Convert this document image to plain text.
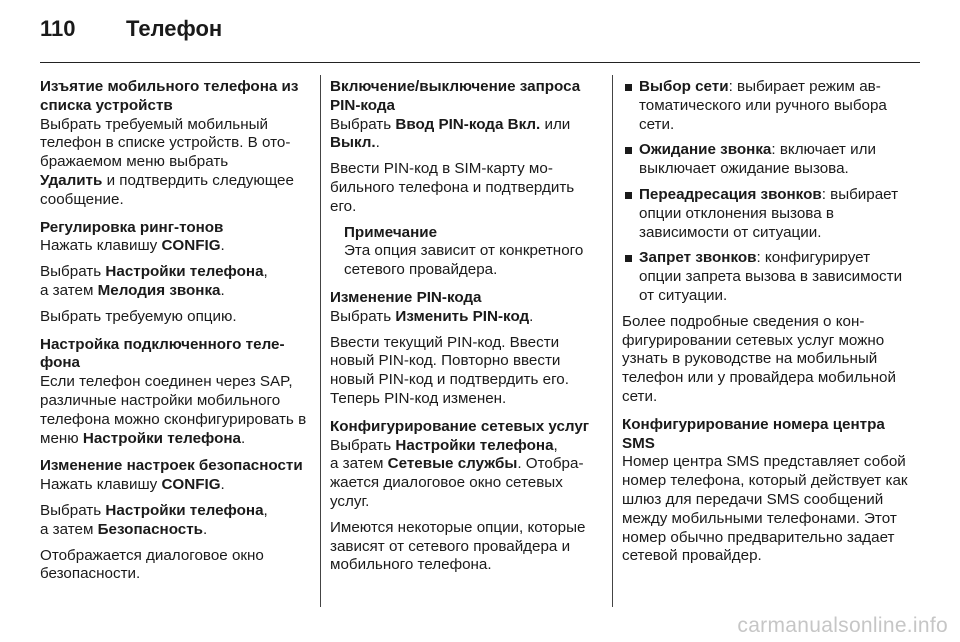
110 Телефон

Изъятие мобильного телефона из списка устройств

Выбрать требуемый мобильный телефон в списке устройств. В отображаемом меню выбрать
Удалить и подтвердить следующее сообщение.

Регулировка ринг-тонов

Нажать клавишу CONFIG.

Выбрать Настройки телефона,
а затем Мелодия звонка.

Выбрать требуемую опцию.

Настройка подключенного телефона

Если телефон соединен через SAP, различные настройки мобильного телефона можно сконфигурировать в меню Настройки телефона.

Изменение настроек безопасности

Нажать клавишу CONFIG.

Выбрать Настройки телефона,
а затем Безопасность.

Отображается диалоговое окно безопасности.

Включение/выключение запроса PIN-кода

Выбрать Ввод PIN-кода Вкл. или Выкл..

Ввести PIN-код в SIM-карту мобильного телефона и подтвердить его.

Примечание

Эта опция зависит от конкретного сетевого провайдера.

Изменение PIN-кода

Выбрать Изменить PIN-код.

Ввести текущий PIN-код. Ввести новый PIN-код. Повторно ввести новый PIN-код и подтвердить его. Теперь PIN-код изменен.

Конфигурирование сетевых услуг

Выбрать Настройки телефона,
а затем Сетевые службы. Отображается диалоговое окно сетевых услуг.

Имеются некоторые опции, которые зависят от сетевого провайдера и мобильного телефона.

Выбор сети: выбирает режим автоматического или ручного выбора сети.

Ожидание звонка: включает или выключает ожидание вызова.

Переадресация звонков: выбирает опции отклонения вызова в зависимости от ситуации.

Запрет звонков: конфигурирует опции запрета вызова в зависимости от ситуации.

Более подробные сведения о конфигурировании сетевых услуг можно узнать в руководстве на мобильный телефон или у провайдера мобильной сети.

Конфигурирование номера центра SMS

Номер центра SMS представляет собой номер телефона, который действует как шлюз для передачи SMS сообщений между мобильными телефонами. Этот номер обычно предварительно задает сетевой провайдер.

carmanualsonline.info
